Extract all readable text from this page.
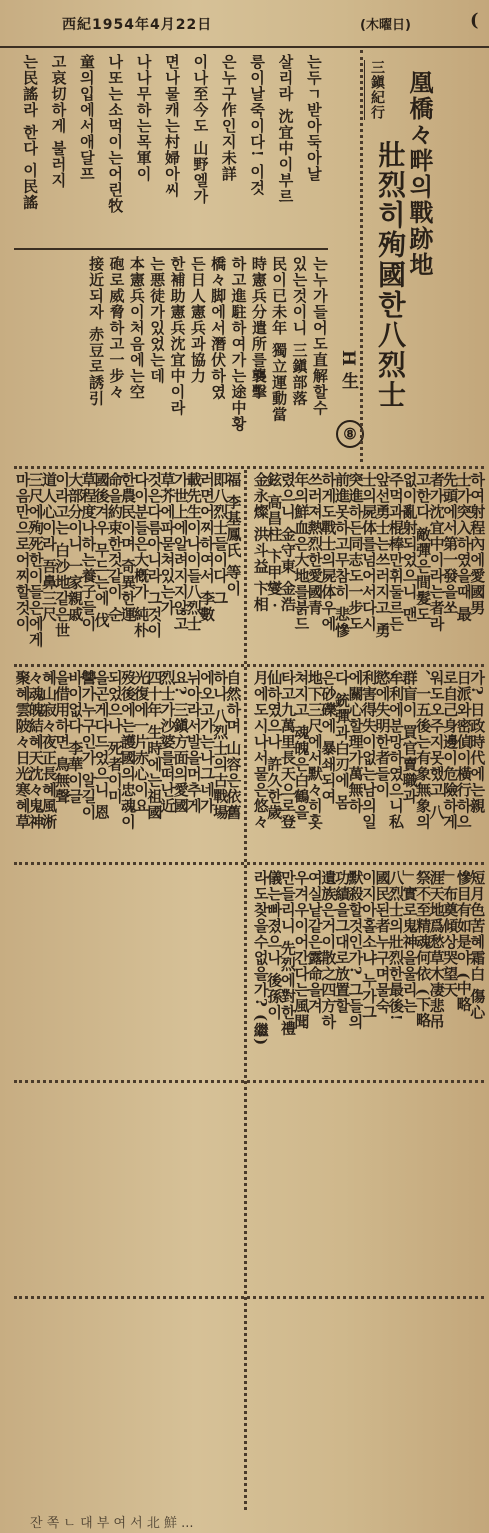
西紀1954年4月22日	(木曜日)	(
三鎭紀行 凰橋々畔의戰跡地
壯烈히殉國한八烈士
H 生
⑧
는두ㄱ받아둑아날
살리라 沈宜中이부르
릉이날죽이다! 이것
은누구作인지未詳
이나至今도 山野엘가
면나물캐는村婦아씨
나나무하는목軍이
나또는소먹이는어린牧
童의입에서애달프
고哀切하게 불러지
는民謠라 한다 이民謠
는누가들어도直解할수
있는것이니 三鎭部落
民이已未年 獨立運動當
時憲兵分遣所를襲擊
하고進駐하여가는途中황
橋々脚에서潛伏하였
든日人憲兵과協力
한補助憲兵沈宜中이라
는悪徒가있었는데
本憲兵이처음에는空
砲로威脅하고一步々
接近되자 赤豆로誘引
하여射程內에愛國男
士가突入하였을때 最
先頭에서第一發을쏘
者가沈宜中이라는者라
고한다 敵彈은間髮도
없이亂射되었으니 맨
주먹과棍棒만휘둘르든
앞선勇士는쓰러지고 勇
士의屍体를넘어서다시
突進하든同志도一步도
前進못하고무참히 悲慘
하게도戰士의屍体우에
쓰러져熱烈한愛國青
年의鮮血은大地를붉드
렸으니 金守東 金浩
鉉 高昌柱 卞甲燮 ·
金永燦 洪斗益 卞相
福 李基鳳氏 等이
即八烈士들이다 그
러면어찌하여서 李數
載先生이나이들八烈士
가世上에알려지지않고
草芥에파묻쳐있는가
것은다름아니라 그것이
다이분들은大槪가 純朴
한農民이며 奇異한運
命을約束한것같이 순
國後겨우 무드는에 伐
草程度나하는養子들이
大部分이니 一家親戚
이라고는 白沙地같은世
道人心이라 吾鼻三尺
三尺에殉死한이들은에게
마음만으로어찌할것이
가? 日政時代에는親
日派와密偵이橫行하으
로自己身邊이危險하게
워도오주지못했고 八
、一五後는有象無象의
群盲이 買官賣職과
牟利에분망하였으니私
慾에失明한者들이
利害得失이없는남의일
에關心할理가萬無하
다 銃彈과白刃에 몸
은砂礫에 暴쇄되여
地下三尺에서默々히홋
쳐지고 魂魄은白鶴을
타고九萬里長天으로登
仙하였으나 許久한歲
月에도시나서물은悠々
自然하며 山容은依舊
하나 八烈士의古戰場
에오고가는나그네가
뉘아라서발을머추게
요? 三鎭方面의愛國
烈士가沙婆를떠난近
四十年 生時에는祖國
光復에一片赤心이요
歿後에는護國의忠魂이
되었으나 死者이미
을곤게다드었으니 恩
讐가누구인가 알길이
바이없다 李華이글
을借用하면 鳥無聲
혜山寂々夜正長혜風淅
々魂魄結혜天沈々鬼神
聚혜雲陂々日光寒혜草
短月色苦혜霜白 傷心
慘目有如是야 (中略
」布奠傾상哭望天
涯天地爲愁草木凄悲吊
祭不至精魂何依 (下略
」實로鬼神을울리는
八烈士의壯烈한最後!
國民된者누구며물숙
이지아홀소냐 누가그
默殺할것인가? 그들의
功績을그대로放置할
遺族은거이散之四方하
여실낱같은露命을겨
우겨우이어간다는風聞
만들리니 先烈에對한禮
儀는빠졌으나 後孫이
라도찾을수없을가? (繼)
잔 쪽 ㄴ 대 부 여 서 北 鮮 ...
